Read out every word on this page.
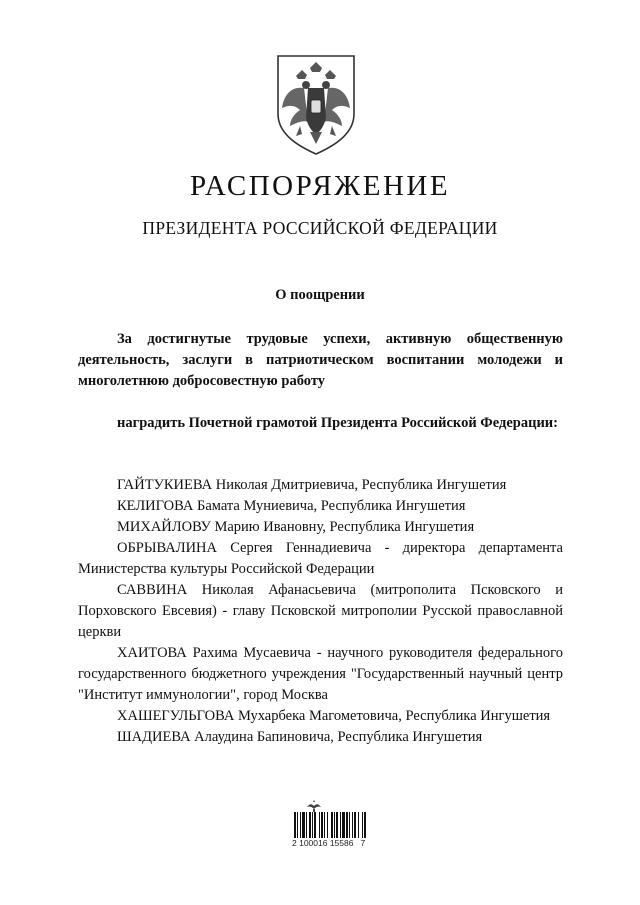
РАСПОРЯЖЕНИЕ
ПРЕЗИДЕНТА РОССИЙСКОЙ ФЕДЕРАЦИИ
О поощрении
За достигнутые трудовые успехи, активную общественную деятельность, заслуги в патриотическом воспитании молодежи и многолетнюю добросовестную работу
наградить Почетной грамотой Президента Российской Федерации:

ГАЙТУКИЕВА Николая Дмитриевича, Республика Ингушетия

КЕЛИГОВА Бамата Муниевича, Республика Ингушетия

МИХАЙЛОВУ Марию Ивановну, Республика Ингушетия

ОБРЫВАЛИНА Сергея Геннадиевича - директора департамента Министерства культуры Российской Федерации

САВВИНА Николая Афанасьевича (митрополита Псковского и Порховского Евсевия) - главу Псковской митрополии Русской православной церкви

ХАИТОВА Рахима Мусаевича - научного руководителя федерального государственного бюджетного учреждения "Государственный научный центр "Институт иммунологии", город Москва

ХАШЕГУЛЬГОВА Мухарбека Магометовича, Республика Ингушетия

ШАДИЕВА Алаудина Бапиновича, Республика Ингушетия

2 100016 15586   7
